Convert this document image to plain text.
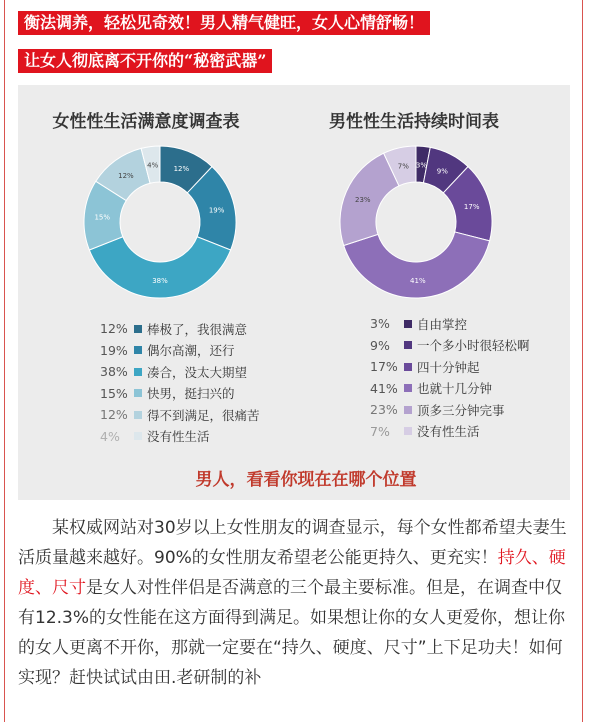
衡法调养，轻松见奇效！男人精气健旺，女人心情舒畅！
让女人彻底离不开你的“秘密武器”
女性性生活满意度调查表	男性性生活持续时间表
12%
19%
38%
15%
12%
4%	3%
9%
17%
41%
23%
7%
12% 棒极了，我很满意
19% 偶尔高潮，还行
38% 凑合，没太大期望
15% 快男，挺扫兴的
12% 得不到满足，很痛苦
4%	没有性生活
3%	自由掌控
9%	一个多小时很轻松啊
17% 四十分钟起
41% 也就十几分钟
23% 顶多三分钟完事
7%	没有性生活
男人，看看你现在在哪个位置

某权威网站对30岁以上女性朋友的调查显示，每个女性都希望夫妻生活质量越来越好。90%的女性朋友希望老公能更持久、更充实！持久、硬度、尺寸是女人对性伴侣是否满意的三个最主要标准。但是，在调查中仅有12.3%的女性能在这方面得到满足。如果想让你的女人更爱你，想让你的女人更离不开你，那就一定要在“持久、硬度、尺寸”上下足功夫！如何实现？赶快试试由田.老研制的补
